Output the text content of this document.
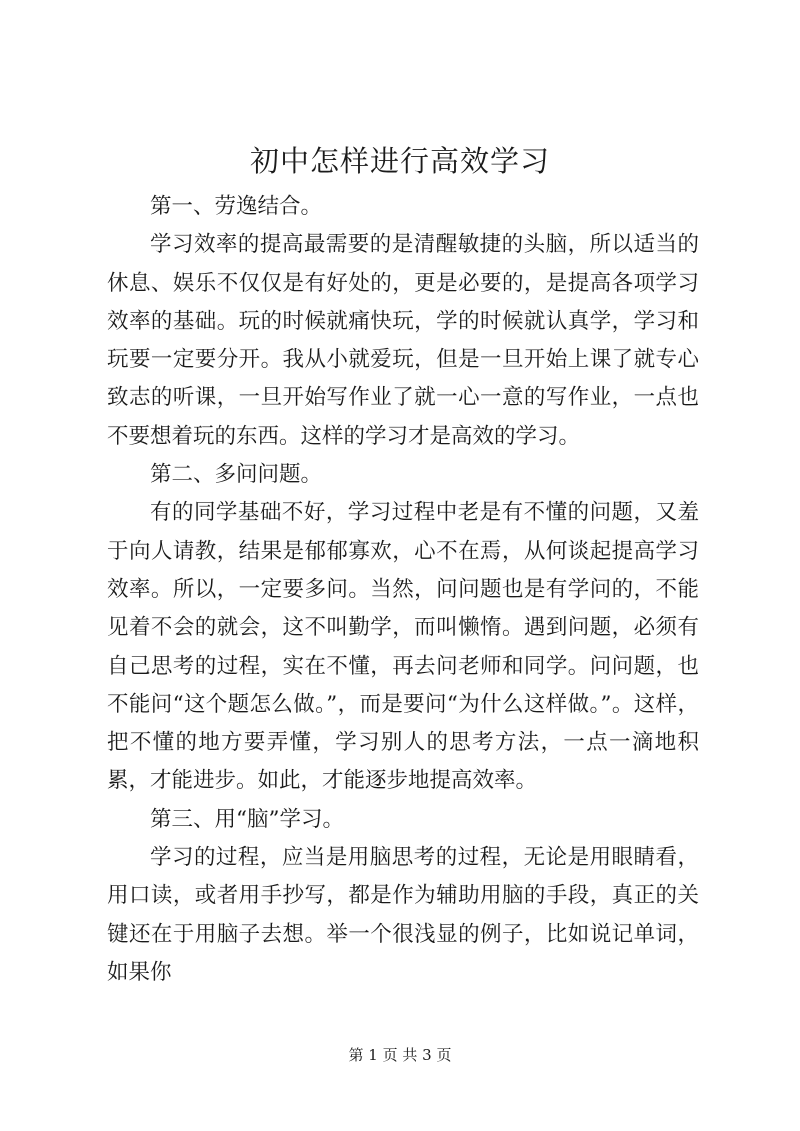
初中怎样进行高效学习

第一、劳逸结合。

学习效率的提高最需要的是清醒敏捷的头脑，所以适当的休息、娱乐不仅仅是有好处的，更是必要的，是提高各项学习效率的基础。玩的时候就痛快玩，学的时候就认真学，学习和玩要一定要分开。我从小就爱玩，但是一旦开始上课了就专心致志的听课，一旦开始写作业了就一心一意的写作业，一点也不要想着玩的东西。这样的学习才是高效的学习。

第二、多问问题。

有的同学基础不好，学习过程中老是有不懂的问题，又羞于向人请教，结果是郁郁寡欢，心不在焉，从何谈起提高学习效率。所以，一定要多问。当然，问问题也是有学问的，不能见着不会的就会，这不叫勤学，而叫懒惰。遇到问题，必须有自己思考的过程，实在不懂，再去问老师和同学。问问题，也不能问“这个题怎么做。”，而是要问“为什么这样做。”。这样，把不懂的地方要弄懂，学习别人的思考方法，一点一滴地积累，才能进步。如此，才能逐步地提高效率。

第三、用“脑”学习。

学习的过程，应当是用脑思考的过程，无论是用眼睛看，用口读，或者用手抄写，都是作为辅助用脑的手段，真正的关键还在于用脑子去想。举一个很浅显的例子，比如说记单词，如果你

第 1 页 共 3 页
